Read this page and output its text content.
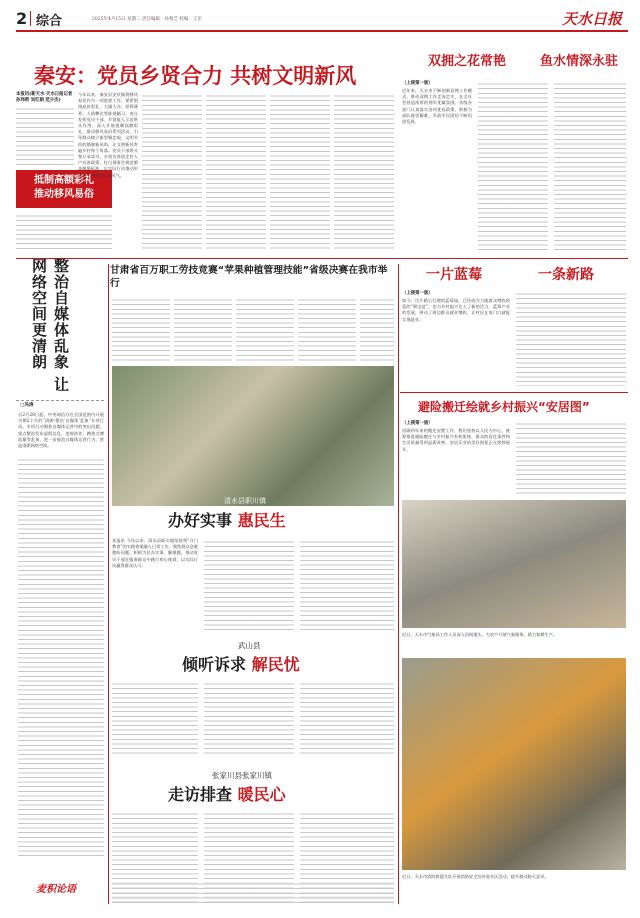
2 综合	2025年4月15日 星期二 责任编辑：孙燕芝 校编：王军	天水日报
秦安：党员乡贤合力 共树文明新风
本报讯(新天水·天水日报记者孙玮莉 吴红娟 范少杰)
抵制高额彩礼
推动移风易俗
今年以来，秦安县安伏镇将移风易俗作为一项重要工作，紧紧围绕高价彩礼、大操大办、厚葬薄养、人情攀比等陈规陋习，充分发挥党员干部、乡贤能人示范带头作用，深入开展抵制高额彩礼、推动移风易俗系列活动，引导群众树立新型婚恋观、文明节俭的婚嫁新风尚，让文明新风吹遍乡村每个角落。党员干部带头签订承诺书，乡贤宣讲团走村入户宣讲政策，红白理事会规范婚丧嫁娶标准，以实际行动推动形成向上向善的社会风气。
双拥之花常艳	鱼水情深永驻
（上接第一版）
近年来，天水市不断创新双拥工作模式，推动双拥工作走深走实，在全社会营造浓厚的拥军优属氛围。各级各部门认真落实各项优抚政策，积极为部队排忧解难，军政军民团结不断巩固发展。
甘肃省百万职工劳技竞赛“苹果种植管理技能”省级决赛在我市举行
整治自媒体乱象 让网络空间更清朗
□冯涛
自2月28日起，中央网信办在全国范围内开展为期2个月的“清朗·整治‘自媒体’乱象”专项行动。专项行动聚焦自媒体运营中的突出问题，重点整治发布虚假信息、违规炒作、蹭热点博流量等乱象，进一步规范自媒体运营行为，营造清朗网络空间。
清水县职川镇
办好实事 惠民生
本报讯 今年以来，清水县职川镇坚持将“开门教育”的实践效果融入日常工作，聚焦群众急难愁盼问题，积极为民办实事、解难题，推动党员干部在服务群众中践行初心使命，以实际行动赢得群众认可。
武山县
倾听诉求 解民忧
张家川县张家川镇
走访排查 暖民心
一片蓝莓	一条新路
（上接第一版）
如今，这片精心打理的蓝莓园，已经成为当地群众增收致富的“聚宝盆”，也为乡村振兴注入了新的活力。蓝莓产业的发展，带动了周边群众就业增收，让村民在家门口就能实现就业。
避险搬迁绘就乡村振兴“安居图”
（上接第一版）
回顾四年来的搬迁安置工作，我们坚持以人民为中心，统筹推进避险搬迁与乡村振兴有机衔接，群众的居住条件和生活质量得到显著改善，安居乐业的美好图景正在徐徐展开。
近日，天水市气象局工作人员深入田间地头，为农户开展气象服务，助力春耕生产。
近日，天水市消防救援支队开展消防安全宣传进社区活动，提升群众防火意识。
麦积论语
